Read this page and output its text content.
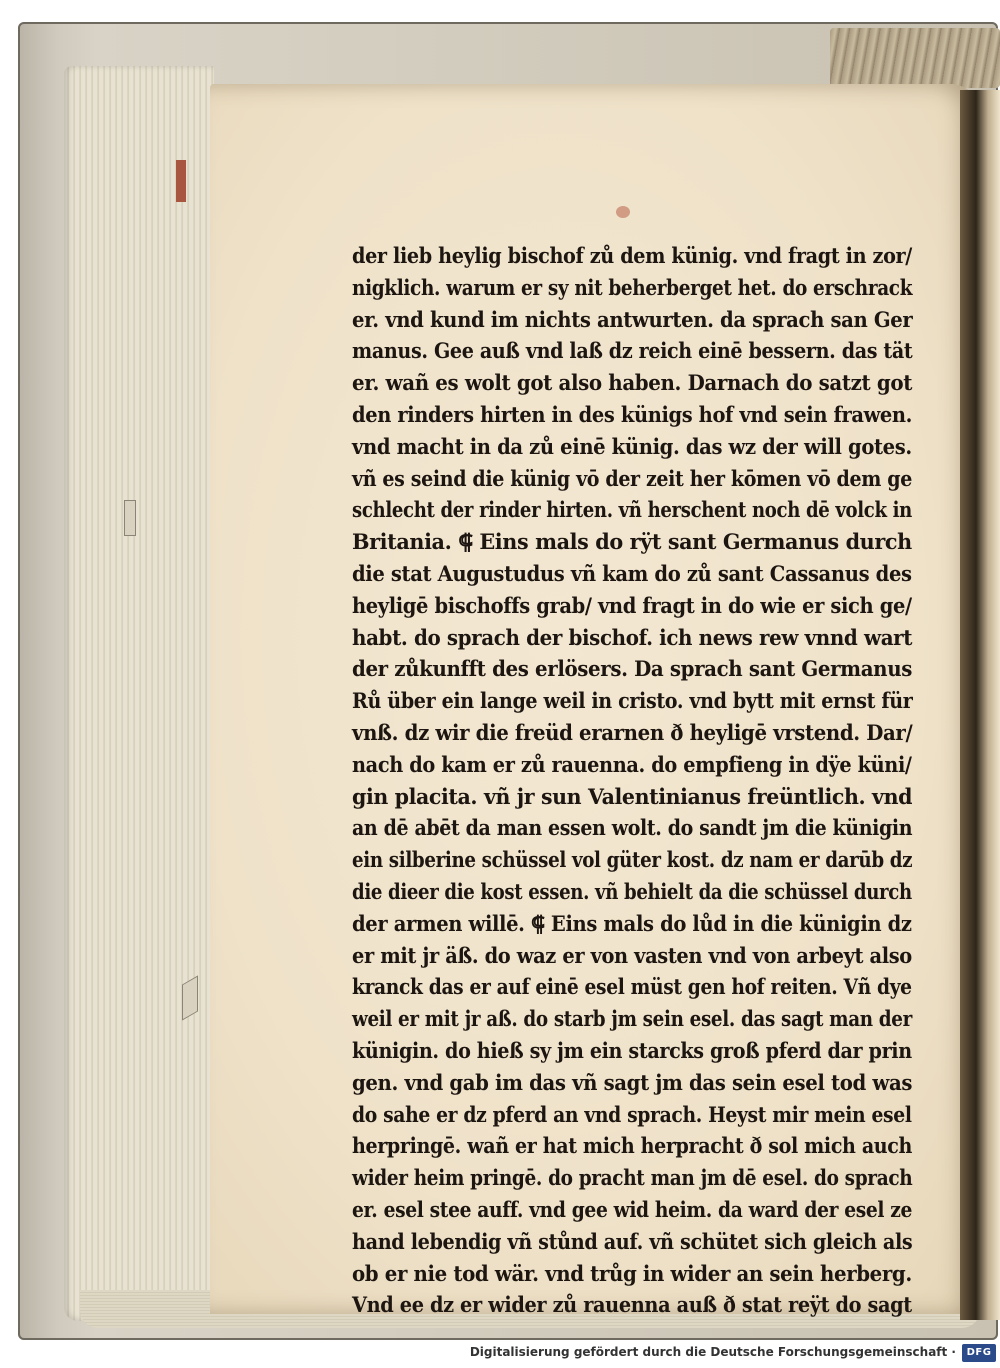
der lieb heylig bischof zů dem künig. vnd fragt in zor/
nigklich. warum er sy nit beherberget het. do erschrack
er. vnd kund im nichts antwurten. da sprach san Ger
manus. Gee auß vnd laß dz reich einē bessern. das tät
er. wañ es wolt got also haben. Darnach do satzt got
den rinders hirten in des künigs hof vnd sein frawen.
vnd macht in da zů einē künig. das wz der will gotes.
vñ es seind die künig vō der zeit her kōmen vō dem ge
schlecht der rinder hirten. vñ herschent noch dē volck in
Britania. ⸿ Eins mals do rÿt sant Germanus durch
die stat Augustudus vñ kam do zů sant Cassanus des
heyligē bischoffs grab/ vnd fragt in do wie er sich ge/
habt. do sprach der bischof. ich news rew vnnd wart
der zůkunfft des erlösers. Da sprach sant Germanus
Rů über ein lange weil in cristo. vnd bytt mit ernst für
vnß. dz wir die freüd erarnen ð heyligē vrstend. Dar/
nach do kam er zů rauenna. do empfieng in dÿe küni/
gin placita. vñ jr sun Valentinianus freüntlich. vnd
an dē abēt da man essen wolt. do sandt jm die künigin
ein silberine schüssel vol güter kost. dz nam er darūb dz
die dieer die kost essen. vñ behielt da die schüssel durch
der armen willē. ⸿ Eins mals do lůd in die künigin dz
er mit jr äß. do waz er von vasten vnd von arbeyt also
kranck das er auf einē esel müst gen hof reiten. Vñ dye
weil er mit jr aß. do starb jm sein esel. das sagt man der
künigin. do hieß sy jm ein starcks groß pferd dar prin
gen. vnd gab im das vñ sagt jm das sein esel tod was
do sahe er dz pferd an vnd sprach. Heyst mir mein esel
herpringē. wañ er hat mich herpracht ð sol mich auch
wider heim pringē. do pracht man jm dē esel. do sprach
er. esel stee auff. vnd gee wid heim. da ward der esel ze
hand lebendig vñ stůnd auf. vñ schütet sich gleich als
ob er nie tod wär. vnd trůg in wider an sein herberg.
Vnd ee dz er wider zů rauenna auß ð stat reÿt do sagt
Digitalisierung gefördert durch die Deutsche Forschungsgemeinschaft ·	DFG
